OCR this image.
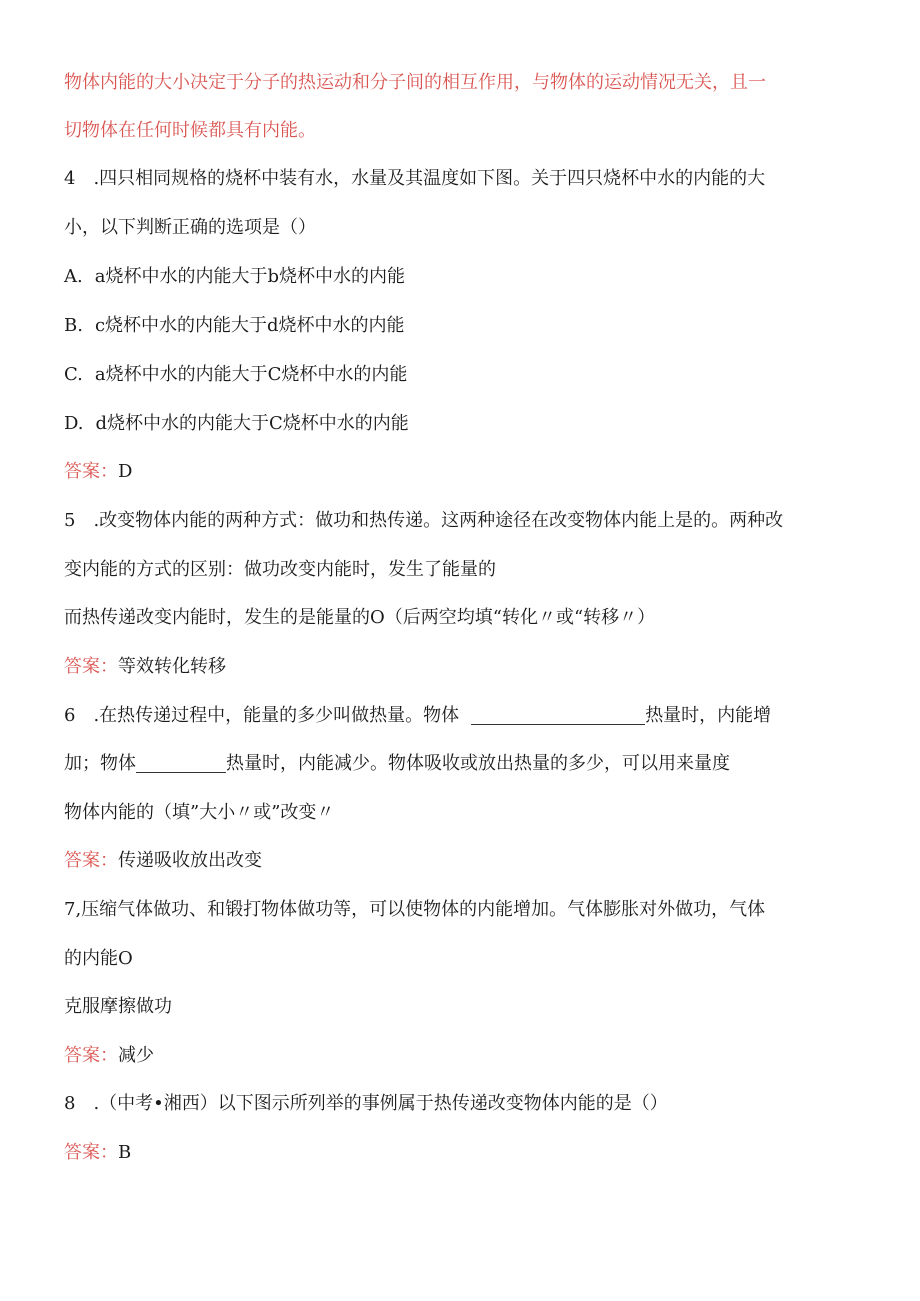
物体内能的大小决定于分子的热运动和分子间的相互作用，与物体的运动情况无关，且一
切物体在任何时候都具有内能。
4 .四只相同规格的烧杯中装有水，水量及其温度如下图。关于四只烧杯中水的内能的大
小，以下判断正确的选项是（）
A. a烧杯中水的内能大于b烧杯中水的内能
B. c烧杯中水的内能大于d烧杯中水的内能
C. a烧杯中水的内能大于C烧杯中水的内能
D. d烧杯中水的内能大于C烧杯中水的内能
答案：D
5 .改变物体内能的两种方式：做功和热传递。这两种途径在改变物体内能上是的。两种改
变内能的方式的区别：做功改变内能时，发生了能量的
而热传递改变内能时，发生的是能量的O（后两空均填“转化〃或“转移〃）
答案：等效转化转移
6 .在热传递过程中，能量的多少叫做热量。物体	热量时，内能增
加；物体	热量时，内能减少。物体吸收或放出热量的多少，可以用来量度
物体内能的（填”大小〃或”改变〃
答案：传递吸收放出改变
7,压缩气体做功、和锻打物体做功等，可以使物体的内能增加。气体膨胀对外做功，气体
的内能O
克服摩擦做功
答案：减少
8 .（中考•湘西）以下图示所列举的事例属于热传递改变物体内能的是（）
答案：B
